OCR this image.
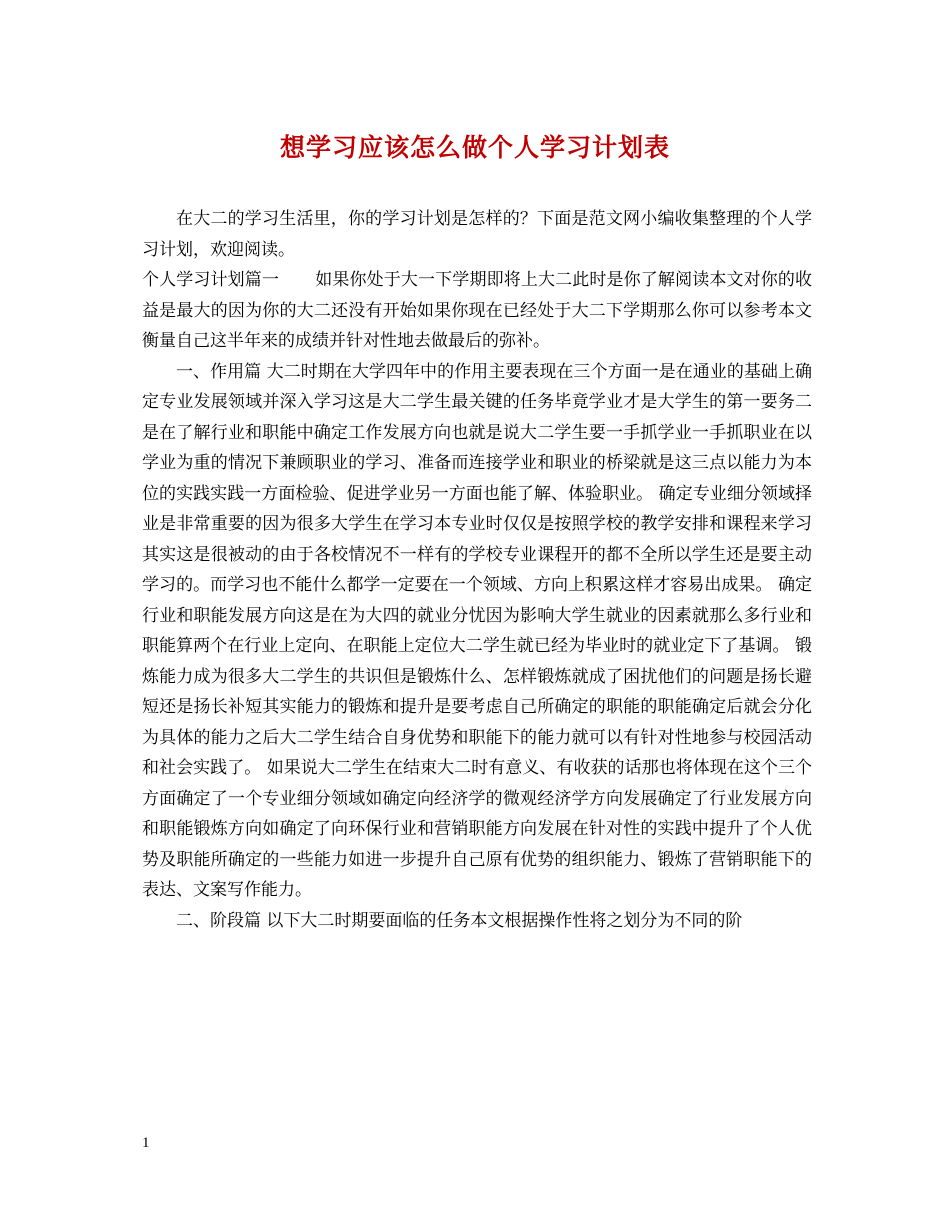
想学习应该怎么做个人学习计划表

在大二的学习生活里，你的学习计划是怎样的？下面是范文网小编收集整理的个人学习计划，欢迎阅读。

个人学习计划篇一 如果你处于大一下学期即将上大二此时是你了解阅读本文对你的收益是最大的因为你的大二还没有开始如果你现在已经处于大二下学期那么你可以参考本文衡量自己这半年来的成绩并针对性地去做最后的弥补。

一、作用篇 大二时期在大学四年中的作用主要表现在三个方面一是在通业的基础上确定专业发展领域并深入学习这是大二学生最关键的任务毕竟学业才是大学生的第一要务二是在了解行业和职能中确定工作发展方向也就是说大二学生要一手抓学业一手抓职业在以学业为重的情况下兼顾职业的学习、准备而连接学业和职业的桥梁就是这三点以能力为本位的实践实践一方面检验、促进学业另一方面也能了解、体验职业。 确定专业细分领域择业是非常重要的因为很多大学生在学习本专业时仅仅是按照学校的教学安排和课程来学习其实这是很被动的由于各校情况不一样有的学校专业课程开的都不全所以学生还是要主动学习的。而学习也不能什么都学一定要在一个领域、方向上积累这样才容易出成果。 确定行业和职能发展方向这是在为大四的就业分忧因为影响大学生就业的因素就那么多行业和职能算两个在行业上定向、在职能上定位大二学生就已经为毕业时的就业定下了基调。 锻炼能力成为很多大二学生的共识但是锻炼什么、怎样锻炼就成了困扰他们的问题是扬长避短还是扬长补短其实能力的锻炼和提升是要考虑自己所确定的职能的职能确定后就会分化为具体的能力之后大二学生结合自身优势和职能下的能力就可以有针对性地参与校园活动和社会实践了。 如果说大二学生在结束大二时有意义、有收获的话那也将体现在这个三个方面确定了一个专业细分领域如确定向经济学的微观经济学方向发展确定了行业发展方向和职能锻炼方向如确定了向环保行业和营销职能方向发展在针对性的实践中提升了个人优势及职能所确定的一些能力如进一步提升自己原有优势的组织能力、锻炼了营销职能下的表达、文案写作能力。

二、阶段篇 以下大二时期要面临的任务本文根据操作性将之划分为不同的阶

1
